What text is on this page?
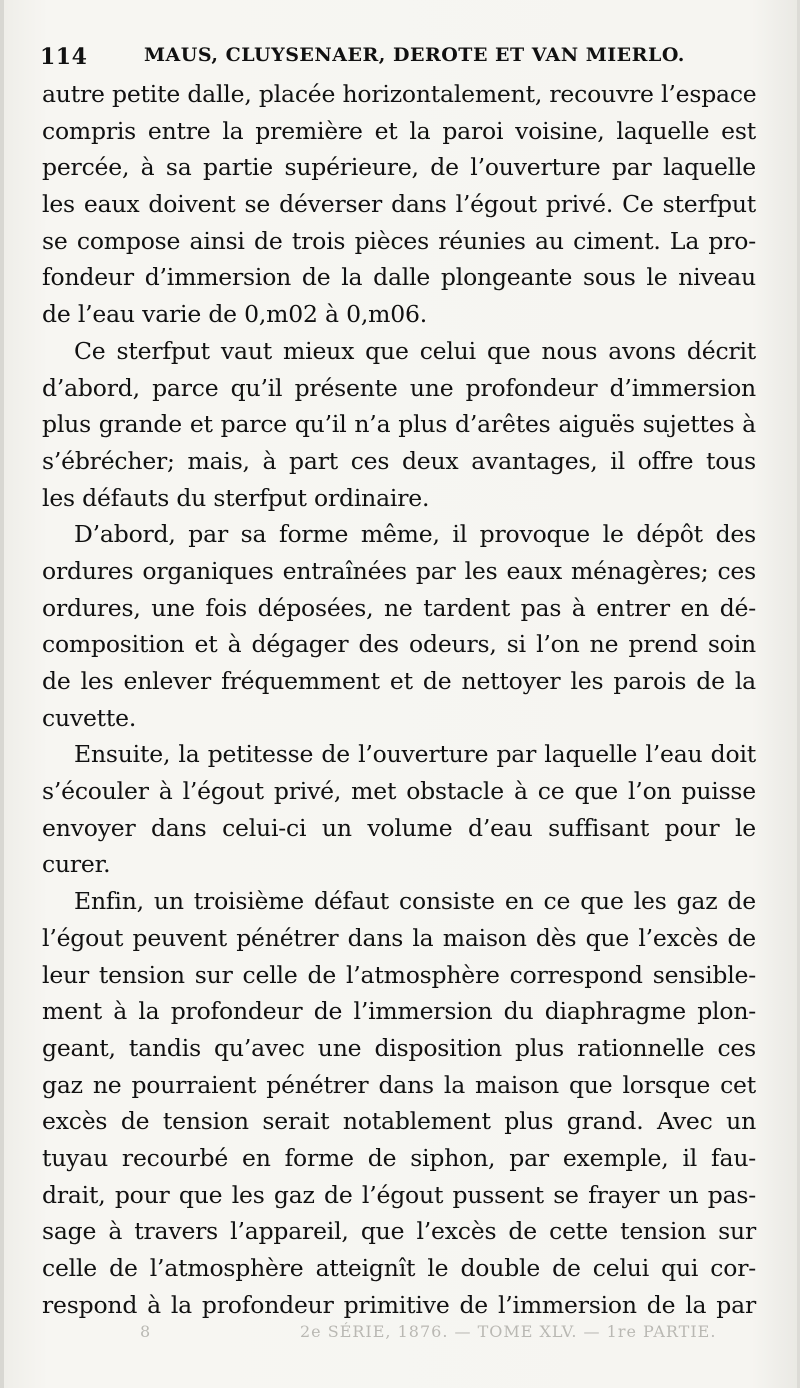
114	MAUS, CLUYSENAER, DEROTE ET VAN MIERLO.
autre petite dalle, placée horizontalement, recouvre l’espace
compris entre la première et la paroi voisine, laquelle est
percée, à sa partie supérieure, de l’ouverture par laquelle
les eaux doivent se déverser dans l’égout privé. Ce sterfput
se compose ainsi de trois pièces réunies au ciment. La pro-
fondeur d’immersion de la dalle plongeante sous le niveau
de l’eau varie de 0,m02 à 0,m06.
Ce sterfput vaut mieux que celui que nous avons décrit
d’abord, parce qu’il présente une profondeur d’immersion
plus grande et parce qu’il n’a plus d’arêtes aiguës sujettes à
s’ébrécher; mais, à part ces deux avantages, il offre tous
les défauts du sterfput ordinaire.
D’abord, par sa forme même, il provoque le dépôt des
ordures organiques entraînées par les eaux ménagères; ces
ordures, une fois déposées, ne tardent pas à entrer en dé-
composition et à dégager des odeurs, si l’on ne prend soin
de les enlever fréquemment et de nettoyer les parois de la
cuvette.
Ensuite, la petitesse de l’ouverture par laquelle l’eau doit
s’écouler à l’égout privé, met obstacle à ce que l’on puisse
envoyer dans celui-ci un volume d’eau suffisant pour le
curer.
Enfin, un troisième défaut consiste en ce que les gaz de
l’égout peuvent pénétrer dans la maison dès que l’excès de
leur tension sur celle de l’atmosphère correspond sensible-
ment à la profondeur de l’immersion du diaphragme plon-
geant, tandis qu’avec une disposition plus rationnelle ces
gaz ne pourraient pénétrer dans la maison que lorsque cet
excès de tension serait notablement plus grand. Avec un
tuyau recourbé en forme de siphon, par exemple, il fau-
drait, pour que les gaz de l’égout pussent se frayer un pas-
sage à travers l’appareil, que l’excès de cette tension sur
celle de l’atmosphère atteignît le double de celui qui cor-
respond à la profondeur primitive de l’immersion de la par
8	2e SÉRIE, 1876. — TOME XLV. — 1re PARTIE.
